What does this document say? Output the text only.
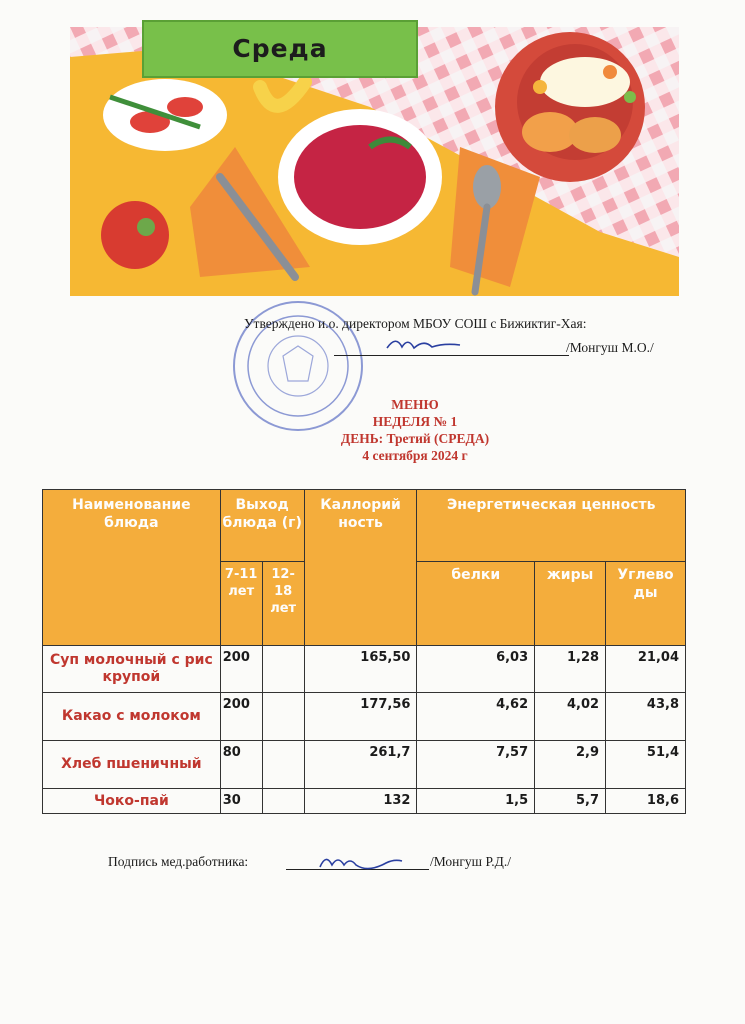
Среда
Утверждено и.о. директором МБОУ СОШ с Бижиктиг-Хая:
/Монгуш М.О./
МЕНЮ
НЕДЕЛЯ № 1
ДЕНЬ: Третий (СРЕДА)
4 сентября 2024 г
Наименование блюда	Выход блюда (г)		Каллорий ность	Энергетическая ценность		
	7-11 лет	12-18 лет		белки	жиры	Углево ды
Суп молочный с рис крупой	200		165,50	6,03	1,28	21,04
Какао с молоком	200		177,56	4,62	4,02	43,8
Хлеб пшеничный	80		261,7	7,57	2,9	51,4
Чоко-пай	30		132	1,5	5,7	18,6
Подпись мед.работника:	/Монгуш Р.Д./
